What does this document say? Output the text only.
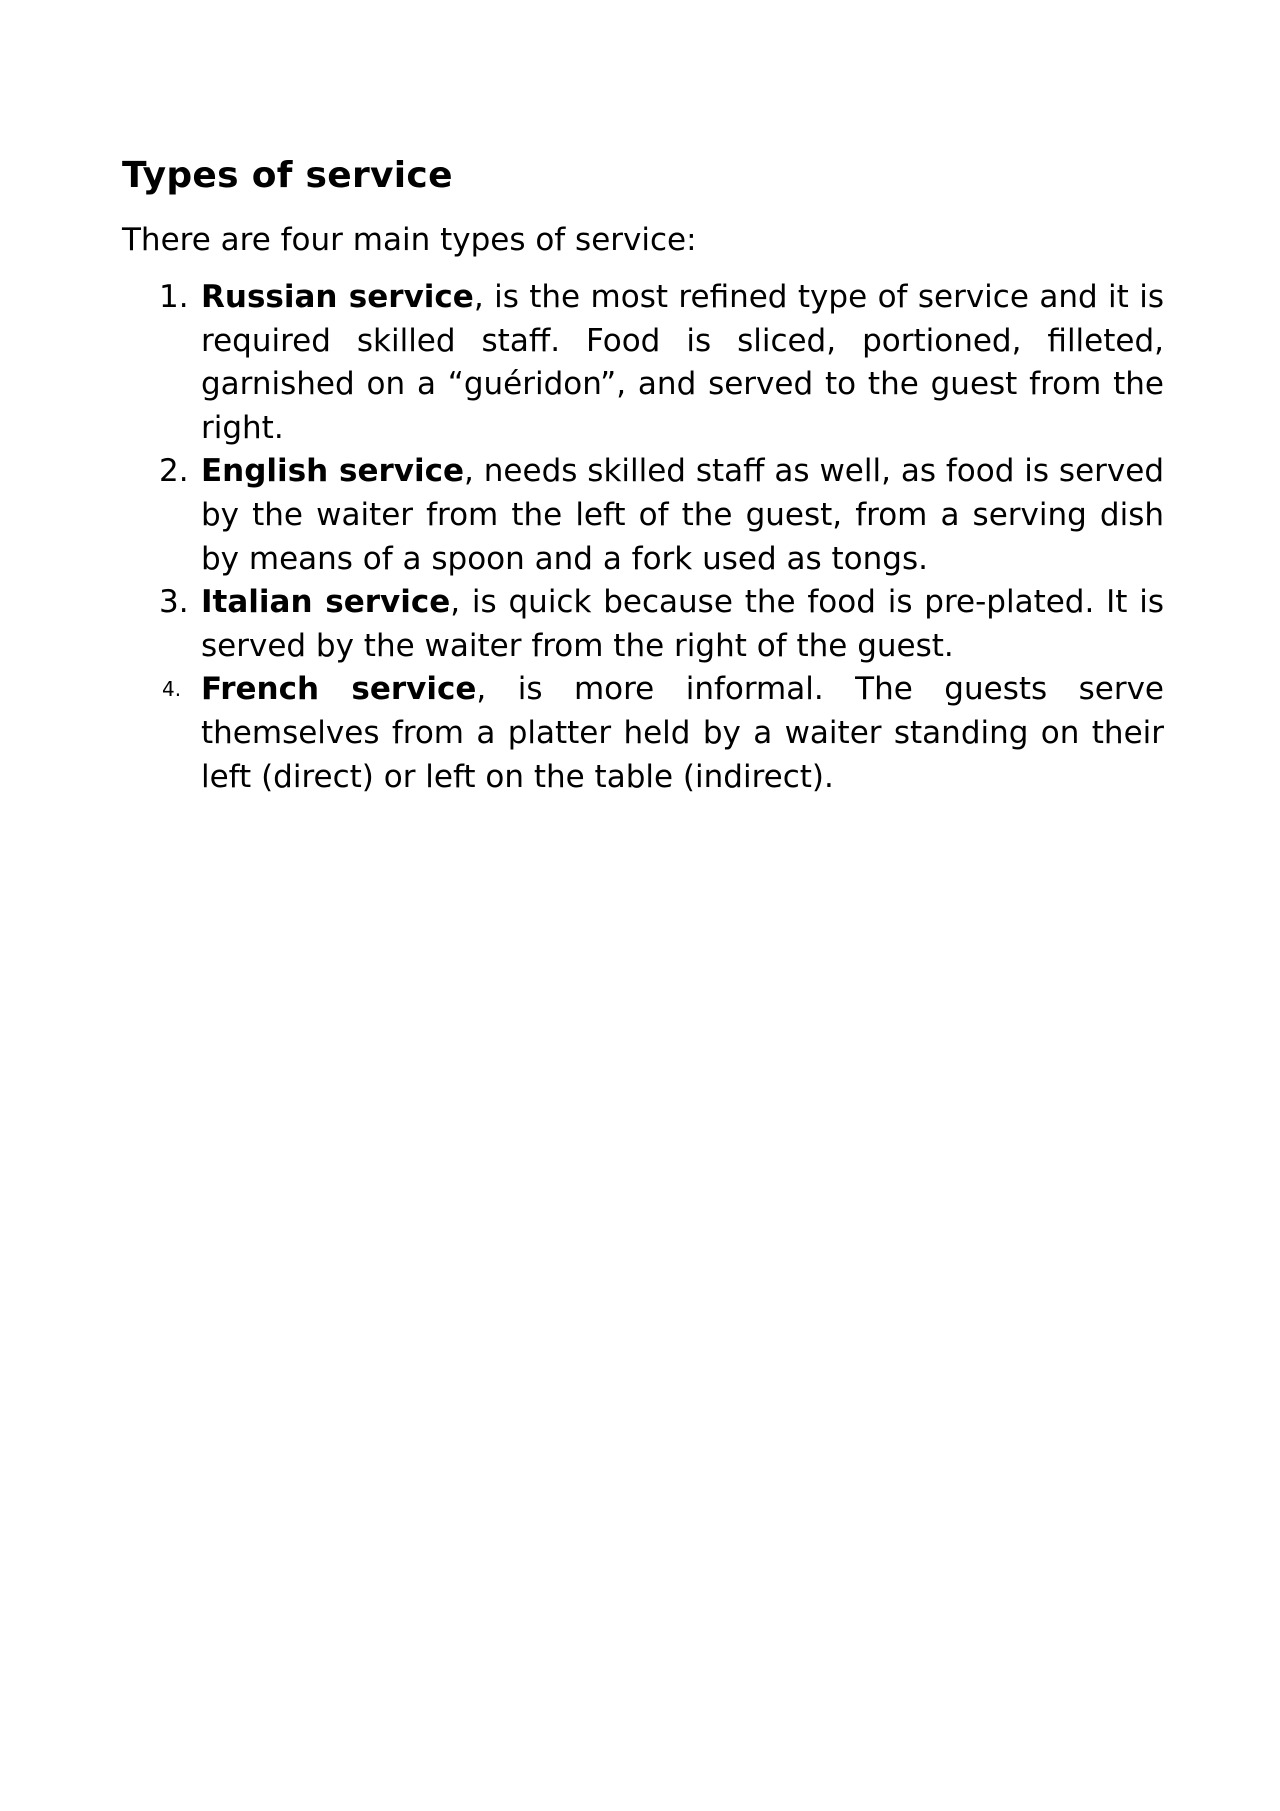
Types of service

There are four main types of service:

1. Russian service, is the most refined type of service and it is required skilled staff. Food is sliced, portioned, filleted, garnished on a “guéridon”, and served to the guest from the right.
2. English service, needs skilled staff as well, as food is served by the waiter from the left of the guest, from a serving dish by means of a spoon and a fork used as tongs.
3. Italian service, is quick because the food is pre-plated. It is served by the waiter from the right of the guest.
4. French service, is more informal. The guests serve themselves from a platter held by a waiter standing on their left (direct) or left on the table (indirect).
